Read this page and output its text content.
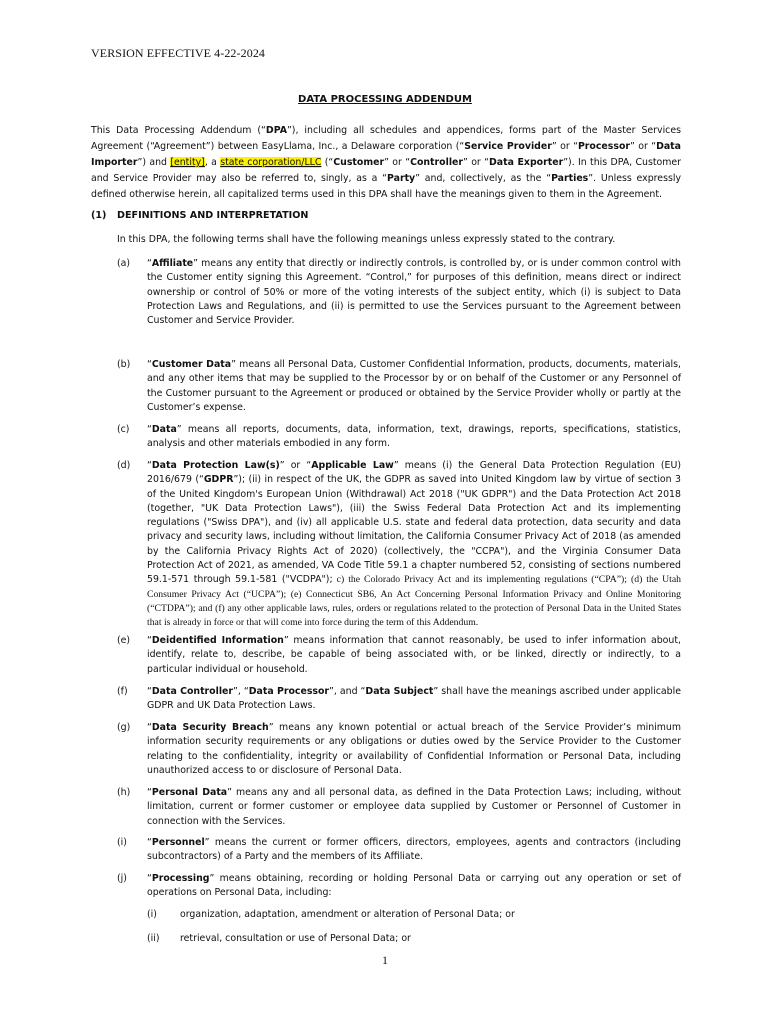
VERSION EFFECTIVE 4-22-2024
DATA PROCESSING ADDENDUM
This Data Processing Addendum (“DPA”), including all schedules and appendices, forms part of the Master Services Agreement (“Agreement”) between EasyLlama, Inc., a Delaware corporation (“Service Provider” or “Processor” or “Data Importer”) and [entity], a state corporation/LLC (“Customer” or “Controller” or “Data Exporter”). In this DPA, Customer and Service Provider may also be referred to, singly, as a “Party” and, collectively, as the “Parties”. Unless expressly defined otherwise herein, all capitalized terms used in this DPA shall have the meanings given to them in the Agreement.
(1) DEFINITIONS AND INTERPRETATION
In this DPA, the following terms shall have the following meanings unless expressly stated to the contrary.
(a)	“Affiliate” means any entity that directly or indirectly controls, is controlled by, or is under common control with the Customer entity signing this Agreement. “Control,” for purposes of this definition, means direct or indirect ownership or control of 50% or more of the voting interests of the subject entity, which (i) is subject to Data Protection Laws and Regulations, and (ii) is permitted to use the Services pursuant to the Agreement between Customer and Service Provider.
(b)	“Customer Data” means all Personal Data, Customer Confidential Information, products, documents, materials, and any other items that may be supplied to the Processor by or on behalf of the Customer or any Personnel of the Customer pursuant to the Agreement or produced or obtained by the Service Provider wholly or partly at the Customer’s expense.
(c)	“Data” means all reports, documents, data, information, text, drawings, reports, specifications, statistics, analysis and other materials embodied in any form.
(d)	“Data Protection Law(s)” or “Applicable Law” means (i) the General Data Protection Regulation (EU) 2016/679 (“GDPR”); (ii) in respect of the UK, the GDPR as saved into United Kingdom law by virtue of section 3 of the United Kingdom's European Union (Withdrawal) Act 2018 ("UK GDPR") and the Data Protection Act 2018 (together, "UK Data Protection Laws"), (iii) the Swiss Federal Data Protection Act and its implementing regulations ("Swiss DPA"), and (iv) all applicable U.S. state and federal data protection, data security and data privacy and security laws, including without limitation, the California Consumer Privacy Act of 2018 (as amended by the California Privacy Rights Act of 2020) (collectively, the "CCPA"), and the Virginia Consumer Data Protection Act of 2021, as amended, VA Code Title 59.1 a chapter numbered 52, consisting of sections numbered 59.1-571 through 59.1-581 ("VCDPA"); c) the Colorado Privacy Act and its implementing regulations (“CPA”); (d) the Utah Consumer Privacy Act (“UCPA”); (e) Connecticut SB6, An Act Concerning Personal Information Privacy and Online Monitoring (“CTDPA”); and (f) any other applicable laws, rules, orders or regulations related to the protection of Personal Data in the United States that is already in force or that will come into force during the term of this Addendum.
(e)	“Deidentified Information” means information that cannot reasonably, be used to infer information about, identify, relate to, describe, be capable of being associated with, or be linked, directly or indirectly, to a particular individual or household.
(f)	“Data Controller”, “Data Processor”, and “Data Subject” shall have the meanings ascribed under applicable GDPR and UK Data Protection Laws.
(g)	“Data Security Breach” means any known potential or actual breach of the Service Provider’s minimum information security requirements or any obligations or duties owed by the Service Provider to the Customer relating to the confidentiality, integrity or availability of Confidential Information or Personal Data, including unauthorized access to or disclosure of Personal Data.
(h)	“Personal Data” means any and all personal data, as defined in the Data Protection Laws; including, without limitation, current or former customer or employee data supplied by Customer or Personnel of Customer in connection with the Services.
(i)	“Personnel” means the current or former officers, directors, employees, agents and contractors (including subcontractors) of a Party and the members of its Affiliate.
(j)	“Processing” means obtaining, recording or holding Personal Data or carrying out any operation or set of operations on Personal Data, including:
(i) organization, adaptation, amendment or alteration of Personal Data; or
(ii) retrieval, consultation or use of Personal Data; or
1
